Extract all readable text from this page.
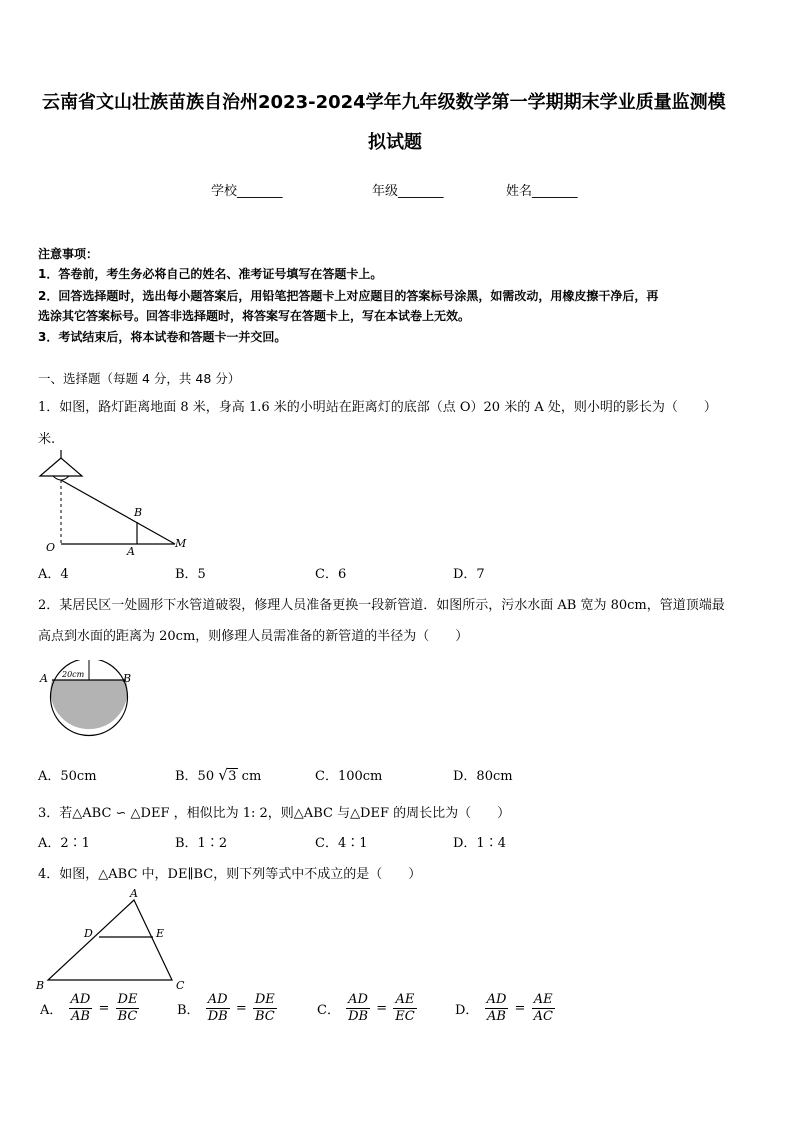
云南省文山壮族苗族自治州2023-2024学年九年级数学第一学期期末学业质量监测模
拟试题
学校_______	年级_______	姓名_______
注意事项：
1．答卷前，考生务必将自己的姓名、准考证号填写在答题卡上。
2．回答选择题时，选出每小题答案后，用铅笔把答题卡上对应题目的答案标号涂黑，如需改动，用橡皮擦干净后，再
选涂其它答案标号。回答非选择题时，将答案写在答题卡上，写在本试卷上无效。
3．考试结束后，将本试卷和答题卡一并交回。
一、选择题（每题 4 分，共 48 分）
1．如图，路灯距离地面 8 米，身高 1.6 米的小明站在距离灯的底部（点 O）20 米的 A 处，则小明的影长为（　　）
米.
B
O	A
M
A．4	B．5	C．6	D．7
2．某居民区一处圆形下水管道破裂，修理人员准备更换一段新管道．如图所示，污水水面 AB 宽为 80cm，管道顶端最
高点到水面的距离为 20cm，则修理人员需准备的新管道的半径为（　　）
20cm
A	B
A．50cm	B．50 √ 3 cm	C．100cm	D．80cm
3．若△ABC ∽ △DEF ，相似比为 1: 2，则△ABC 与△DEF 的周长比为（　　）
A．2∶1	B．1∶2	C．4∶1	D．1∶4
4．如图，△ABC 中，DE∥BC，则下列等式中不成立的是（　　）
A
D	E
B	C
A． $\frac{AD}{AB} = \frac{DE}{BC}$	B． $\frac{AD}{DB} = \frac{DE}{BC}$	C． $\frac{AD}{DB} = \frac{AE}{EC}$	D． $\frac{AD}{AB} = \frac{AE}{AC}$
